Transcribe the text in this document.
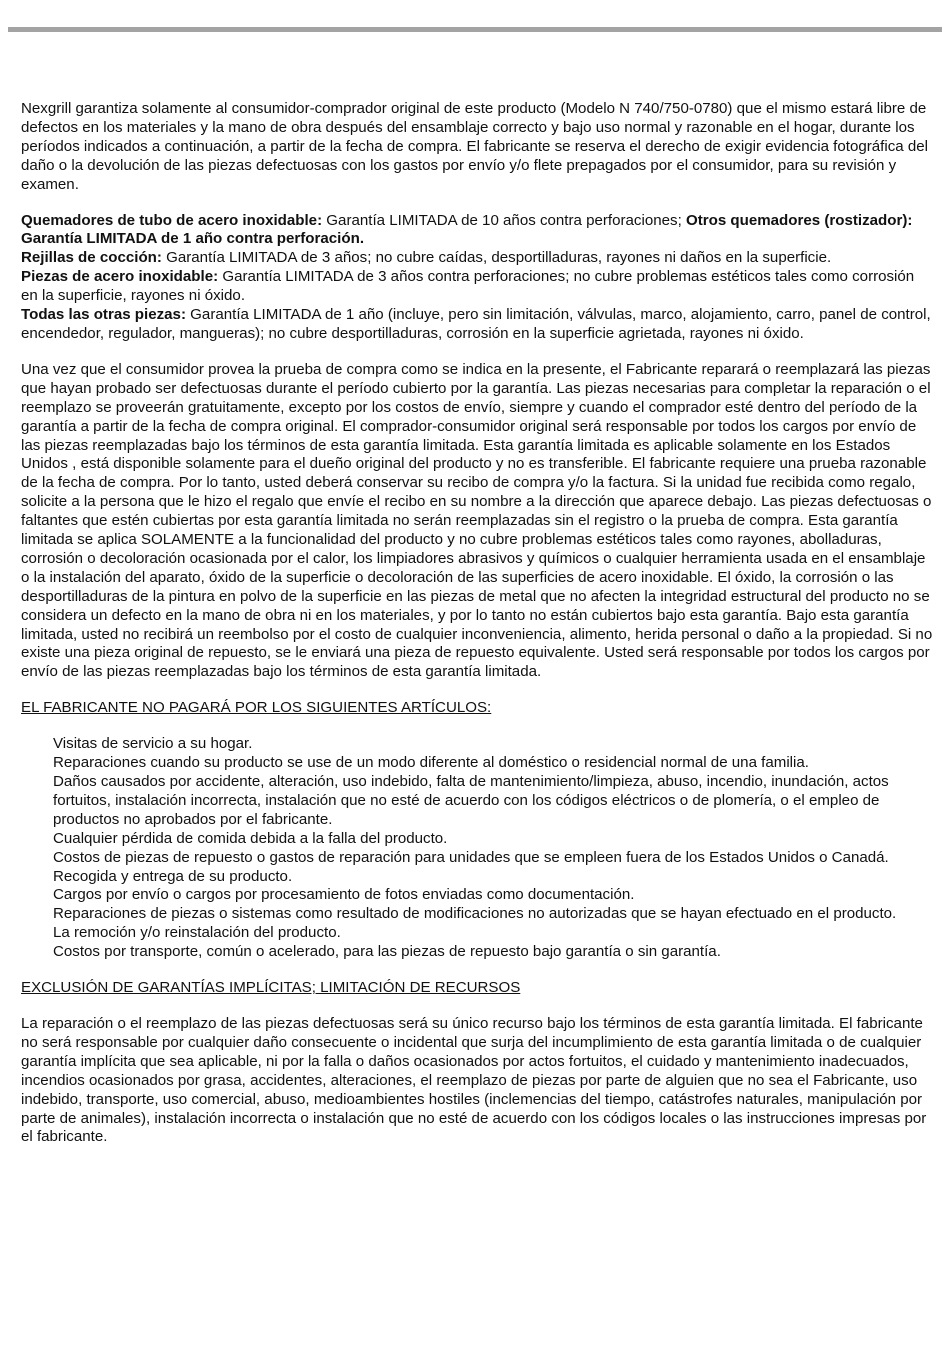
Nexgrill garantiza solamente al consumidor-comprador original de este producto (Modelo N 740/750-0780) que el mismo estará libre de defectos en los materiales y la mano de obra después del ensamblaje correcto y bajo uso normal y razonable en el hogar, durante los períodos indicados a continuación, a partir de la fecha de compra. El fabricante se reserva el derecho de exigir evidencia fotográfica del daño o la devolución de las piezas defectuosas con los gastos por envío y/o flete prepagados por el consumidor, para su revisión y examen.

Quemadores de tubo de acero inoxidable: Garantía LIMITADA de 10 años contra perforaciones; Otros quemadores (rostizador): Garantía LIMITADA de 1 año contra perforación.

Rejillas de cocción: Garantía LIMITADA de 3 años; no cubre caídas, desportilladuras, rayones ni daños en la superficie.

Piezas de acero inoxidable: Garantía LIMITADA de 3 años contra perforaciones; no cubre problemas estéticos tales como corrosión en la superficie, rayones ni óxido.

Todas las otras piezas: Garantía LIMITADA de 1 año (incluye, pero sin limitación, válvulas, marco, alojamiento, carro, panel de control, encendedor, regulador, mangueras); no cubre desportilladuras, corrosión en la superficie agrietada, rayones ni óxido.

Una vez que el consumidor provea la prueba de compra como se indica en la presente, el Fabricante reparará o reemplazará las piezas que hayan probado ser defectuosas durante el período cubierto por la garantía. Las piezas necesarias para completar la reparación o el reemplazo se proveerán gratuitamente, excepto por los costos de envío, siempre y cuando el comprador esté dentro del período de la garantía a partir de la fecha de compra original. El comprador-consumidor original será responsable por todos los cargos por envío de las piezas reemplazadas bajo los términos de esta garantía limitada. Esta garantía limitada es aplicable solamente en los Estados Unidos , está disponible solamente para el dueño original del producto y no es transferible. El fabricante requiere una prueba razonable de la fecha de compra. Por lo tanto, usted deberá conservar su recibo de compra y/o la factura. Si la unidad fue recibida como regalo, solicite a la persona que le hizo el regalo que envíe el recibo en su nombre a la dirección que aparece debajo. Las piezas defectuosas o faltantes que estén cubiertas por esta garantía limitada no serán reemplazadas sin el registro o la prueba de compra. Esta garantía limitada se aplica SOLAMENTE a la funcionalidad del producto y no cubre problemas estéticos tales como rayones, abolladuras, corrosión o decoloración ocasionada por el calor, los limpiadores abrasivos y químicos o cualquier herramienta usada en el ensamblaje o la instalación del aparato, óxido de la superficie o decoloración de las superficies de acero inoxidable. El óxido, la corrosión o las desportilladuras de la pintura en polvo de la superficie en las piezas de metal que no afecten la integridad estructural del producto no se considera un defecto en la mano de obra ni en los materiales, y por lo tanto no están cubiertos bajo esta garantía. Bajo esta garantía limitada, usted no recibirá un reembolso por el costo de cualquier inconveniencia, alimento, herida personal o daño a la propiedad. Si no existe una pieza original de repuesto, se le enviará una pieza de repuesto equivalente. Usted será responsable por todos los cargos por envío de las piezas reemplazadas bajo los términos de esta garantía limitada.

EL FABRICANTE NO PAGARÁ POR LOS SIGUIENTES ARTÍCULOS:

Visitas de servicio a su hogar.
Reparaciones cuando su producto se use de un modo diferente al doméstico o residencial normal de una familia.
Daños causados por accidente, alteración, uso indebido, falta de mantenimiento/limpieza, abuso, incendio, inundación, actos fortuitos, instalación incorrecta, instalación que no esté de acuerdo con los códigos eléctricos o de plomería, o el empleo de productos no aprobados por el fabricante.
Cualquier pérdida de comida debida a la falla del producto.
Costos de piezas de repuesto o gastos de reparación para unidades que se empleen fuera de los Estados Unidos o Canadá.
Recogida y entrega de su producto.
Cargos por envío o cargos por procesamiento de fotos enviadas como documentación.
Reparaciones de piezas o sistemas como resultado de modificaciones no autorizadas que se hayan efectuado en el producto.
La remoción y/o reinstalación del producto.
Costos por transporte, común o acelerado, para las piezas de repuesto bajo garantía o sin garantía.

EXCLUSIÓN DE GARANTÍAS IMPLÍCITAS; LIMITACIÓN DE RECURSOS

La reparación o el reemplazo de las piezas defectuosas será su único recurso bajo los términos de esta garantía limitada. El fabricante no será responsable por cualquier daño consecuente o incidental que surja del incumplimiento de esta garantía limitada o de cualquier garantía implícita que sea aplicable, ni por la falla o daños ocasionados por actos fortuitos, el cuidado y mantenimiento inadecuados, incendios ocasionados por grasa, accidentes, alteraciones, el reemplazo de piezas por parte de alguien que no sea el Fabricante, uso indebido, transporte, uso comercial, abuso, medioambientes hostiles (inclemencias del tiempo, catástrofes naturales, manipulación por parte de animales), instalación incorrecta o instalación que no esté de acuerdo con los códigos locales o las instrucciones impresas por el fabricante.
